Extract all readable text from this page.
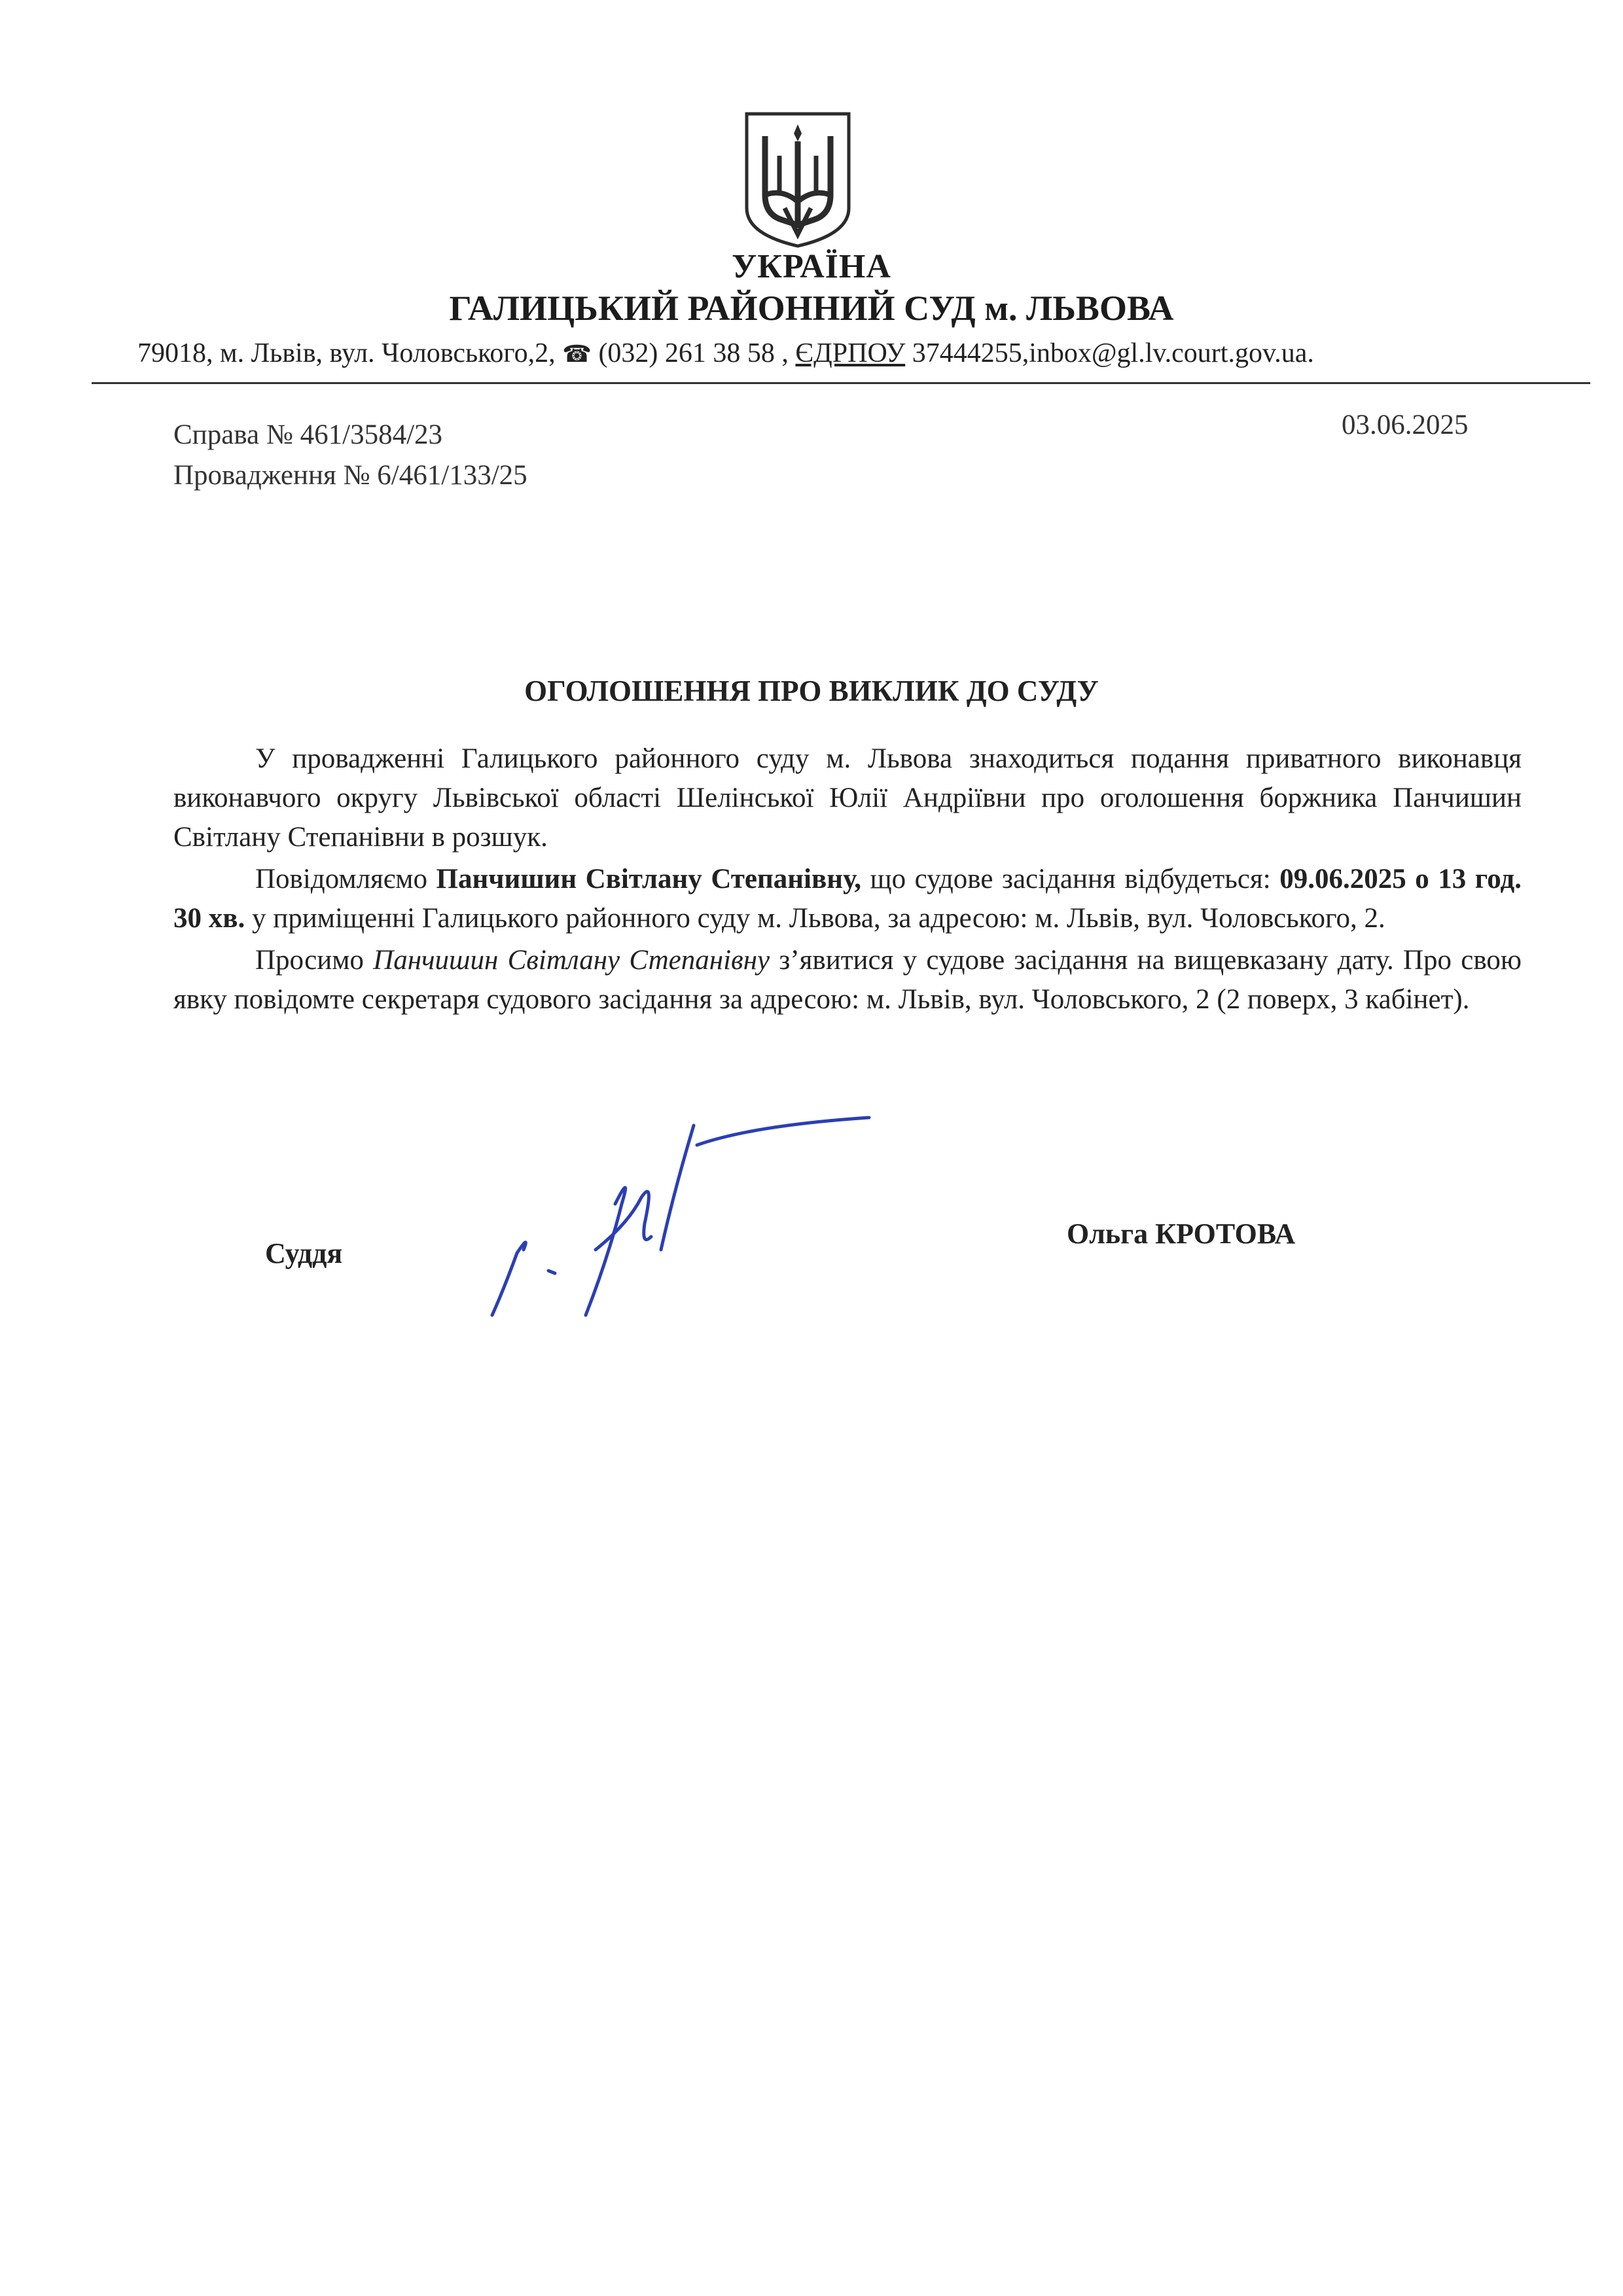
УКРАЇНА
ГАЛИЦЬКИЙ РАЙОННИЙ СУД м. ЛЬВОВА
79018, м. Львів, вул. Чоловського,2, ☎ (032) 261 38 58 , ЄДРПОУ 37444255,inbox@gl.lv.court.gov.ua.
Справа № 461/3584/23
Провадження № 6/461/133/25
03.06.2025
ОГОЛОШЕННЯ ПРО ВИКЛИК ДО СУДУ

У провадженні Галицького районного суду м. Львова знаходиться подання приватного виконавця виконавчого округу Львівської області Шелінської Юлії Андріївни про оголошення боржника Панчишин Світлану Степанівни в розшук.

Повідомляємо Панчишин Світлану Степанівну, що судове засідання відбудеться: 09.06.2025 о 13 год. 30 хв. у приміщенні Галицького районного суду м. Львова, за адресою: м. Львів, вул. Чоловського, 2.

Просимо Панчишин Світлану Степанівну з’явитися у судове засідання на вищевказану дату. Про свою явку повідомте секретаря судового засідання за адресою: м. Львів, вул. Чоловського, 2 (2 поверх, 3 кабінет).

Суддя
Ольга КРОТОВА
